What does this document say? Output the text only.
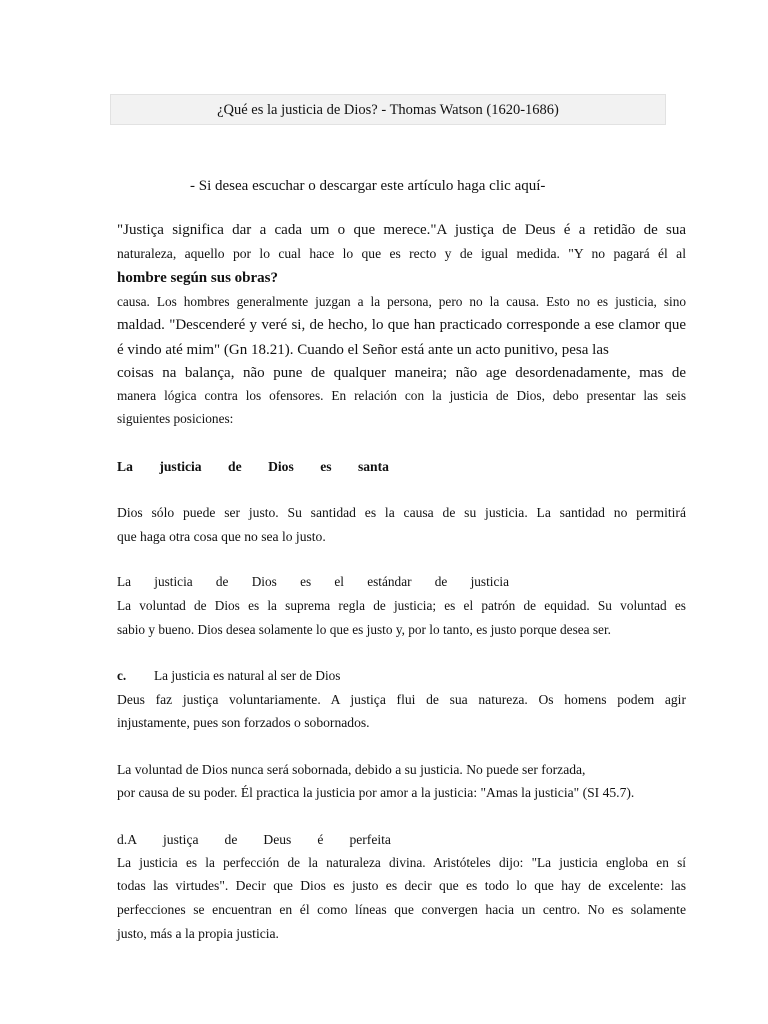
¿Qué es la justicia de Dios? - Thomas Watson (1620-1686)
- Si desea escuchar o descargar este artículo haga clic aquí-
"Justiça significa dar a cada um o que merece."A justiça de Deus é a retidão de sua
naturaleza, aquello por lo cual hace lo que es recto y de igual medida. "Y no pagará él al
hombre según sus obras?
causa. Los hombres generalmente juzgan a la persona, pero no la causa. Esto no es justicia, sino
maldad. "Descenderé y veré si, de hecho, lo que han practicado corresponde a ese clamor que
é vindo até mim" (Gn 18.21). Cuando el Señor está ante un acto punitivo, pesa las
coisas na balança, não pune de qualquer maneira; não age desordenadamente, mas de
manera lógica contra los ofensores. En relación con la justicia de Dios, debo presentar las seis
siguientes posiciones:
La justicia de Dios es santa
Dios sólo puede ser justo. Su santidad es la causa de su justicia. La santidad no permitirá
que haga otra cosa que no sea lo justo.
La justicia de Dios es el estándar de justicia
La voluntad de Dios es la suprema regla de justicia; es el patrón de equidad. Su voluntad es
sabio y bueno. Dios desea solamente lo que es justo y, por lo tanto, es justo porque desea ser.
c. La justicia es natural al ser de Dios
Deus faz justiça voluntariamente. A justiça flui de sua natureza. Os homens podem agir
injustamente, pues son forzados o sobornados.
La voluntad de Dios nunca será sobornada, debido a su justicia. No puede ser forzada,
por causa de su poder. Él practica la justicia por amor a la justicia: "Amas la justicia" (SI 45.7).
d.A justiça de Deus é perfeita
La justicia es la perfección de la naturaleza divina. Aristóteles dijo: "La justicia engloba en sí
todas las virtudes". Decir que Dios es justo es decir que es todo lo que hay de excelente: las
perfecciones se encuentran en él como líneas que convergen hacia un centro. No es solamente
justo, más a la propia justicia.
